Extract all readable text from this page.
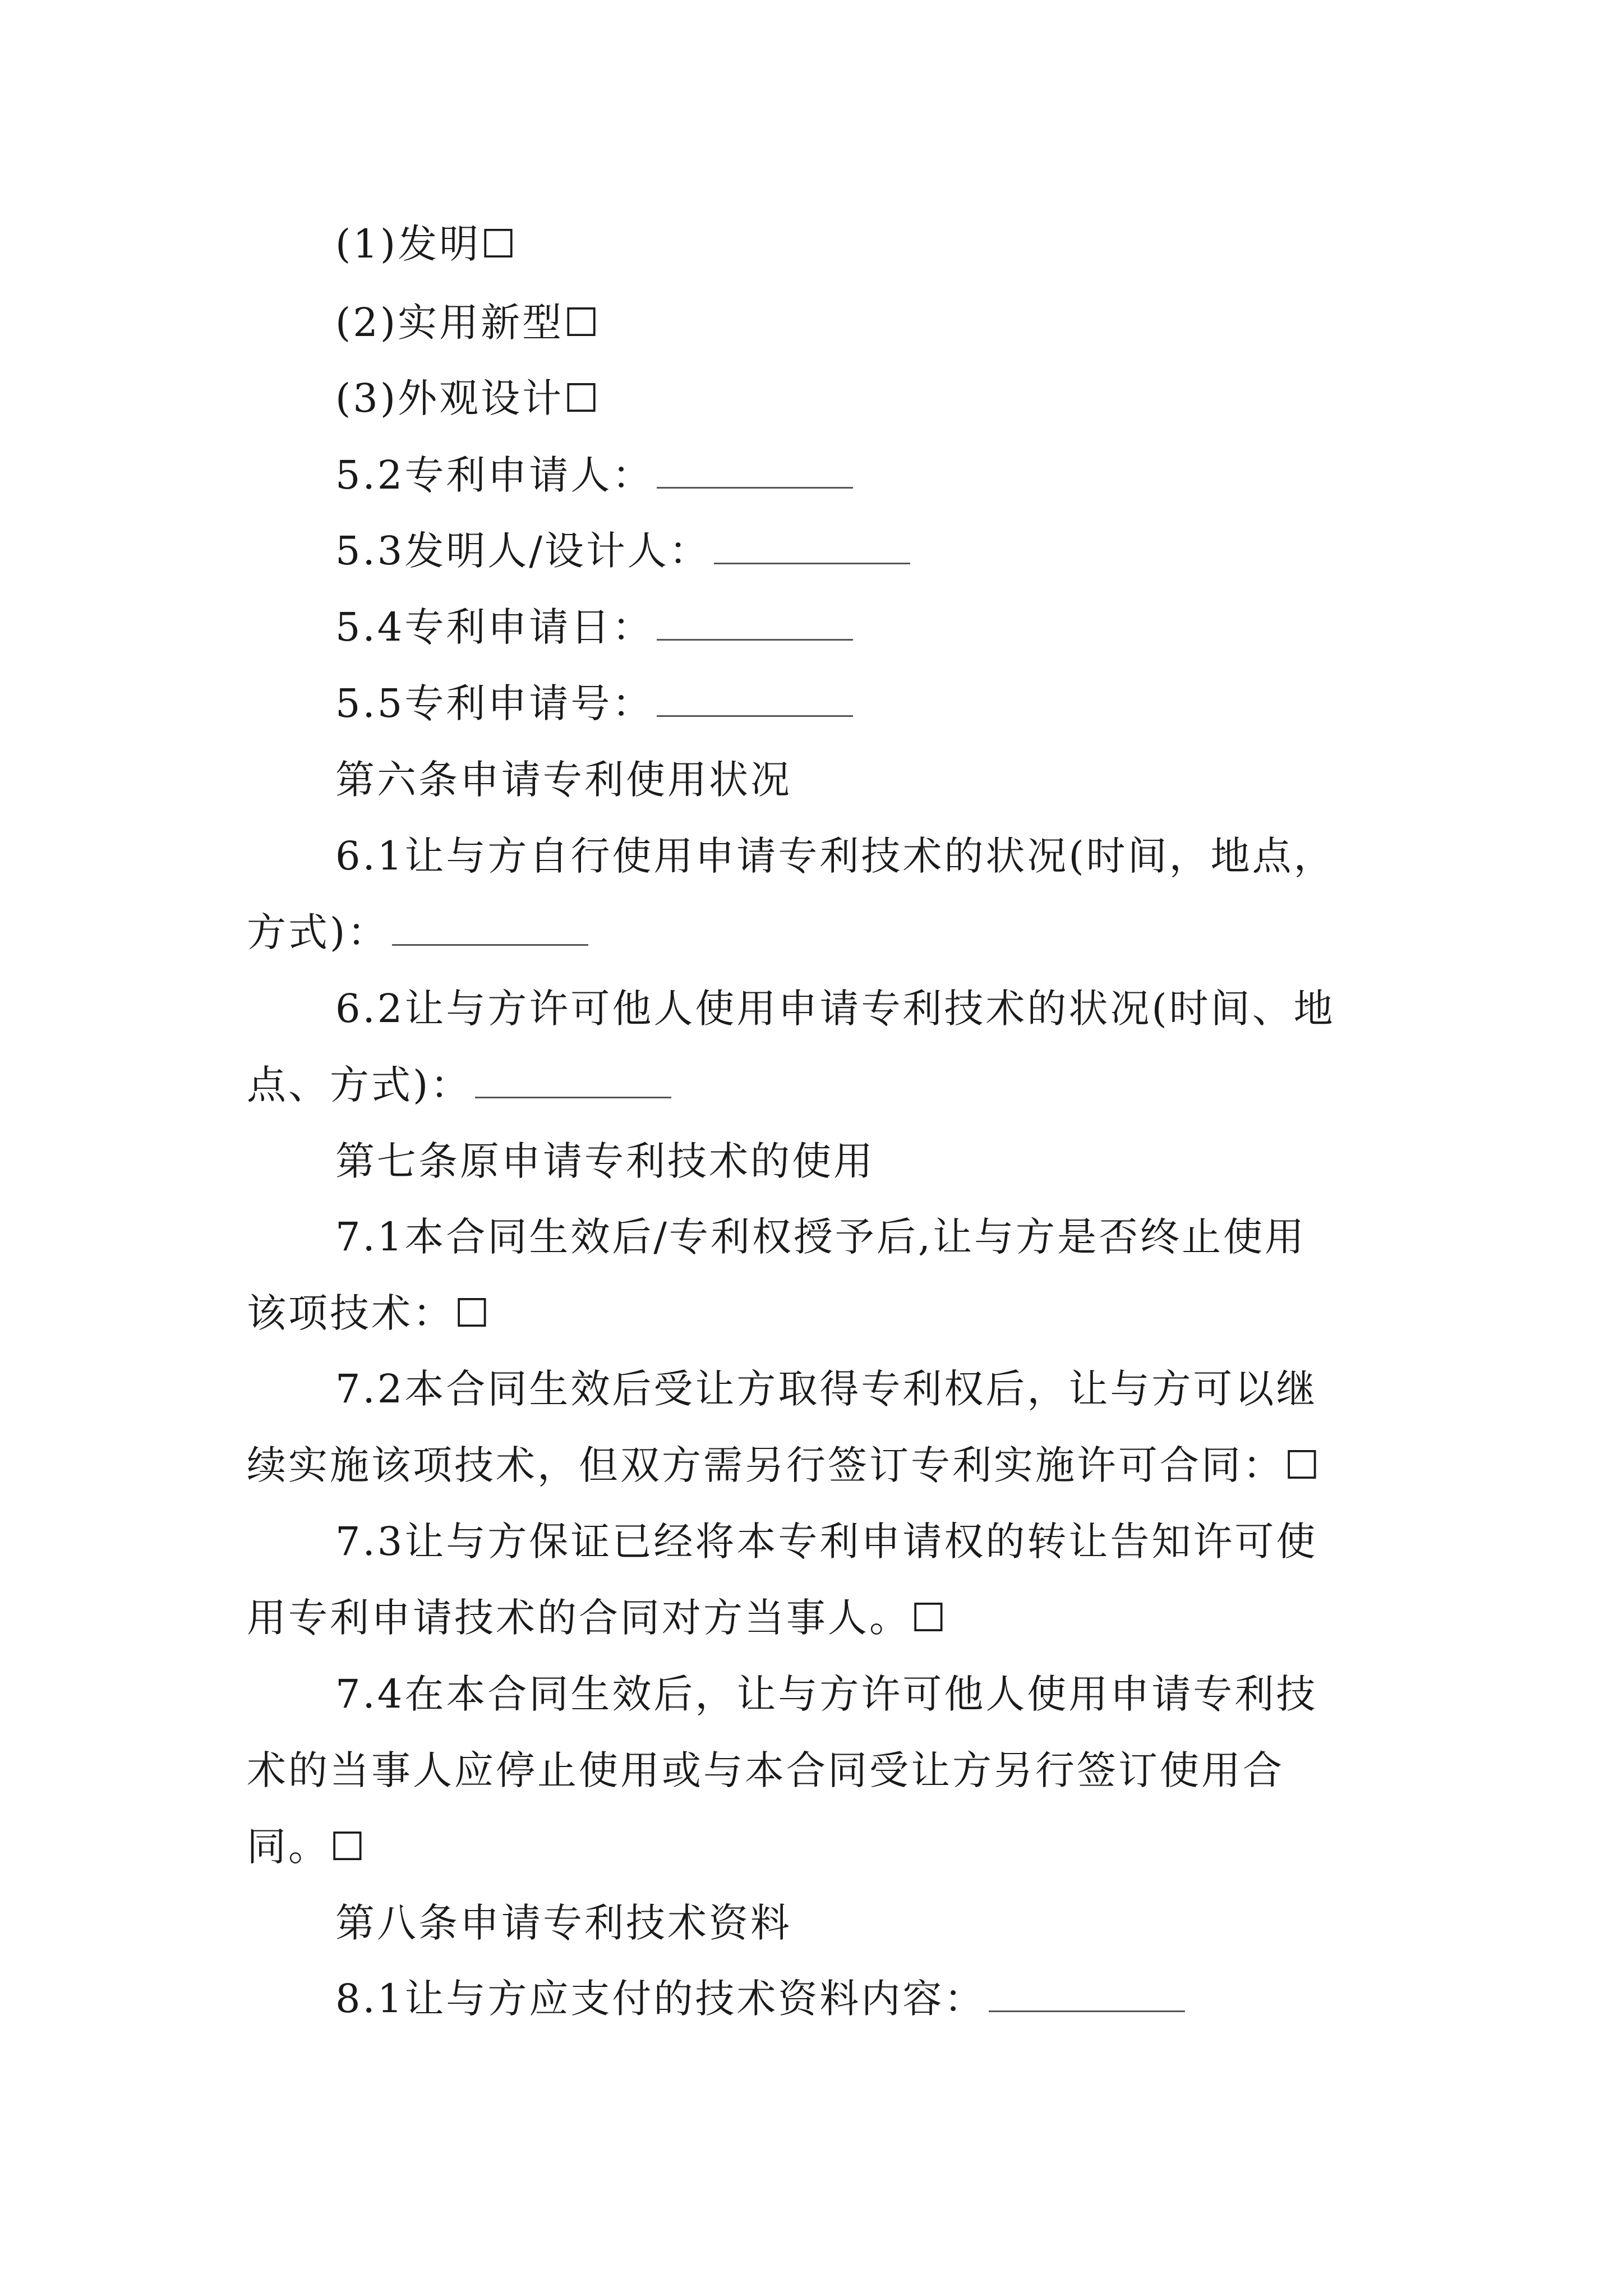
(1)发明☐
(2)实用新型☐
(3)外观设计☐
5.2专利申请人：
5.3发明人/设计人：
5.4专利申请日：
5.5专利申请号：
第六条申请专利使用状况
6.1让与方自行使用申请专利技术的状况(时间，地点，
方式)：
6.2让与方许可他人使用申请专利技术的状况(时间、地
点、方式)：
第七条原申请专利技术的使用
7.1本合同生效后/专利权授予后,让与方是否终止使用
该项技术：☐
7.2本合同生效后受让方取得专利权后，让与方可以继
续实施该项技术，但双方需另行签订专利实施许可合同：☐
7.3让与方保证已经将本专利申请权的转让告知许可使
用专利申请技术的合同对方当事人。☐
7.4在本合同生效后，让与方许可他人使用申请专利技
术的当事人应停止使用或与本合同受让方另行签订使用合
同。☐
第八条申请专利技术资料
8.1让与方应支付的技术资料内容：
